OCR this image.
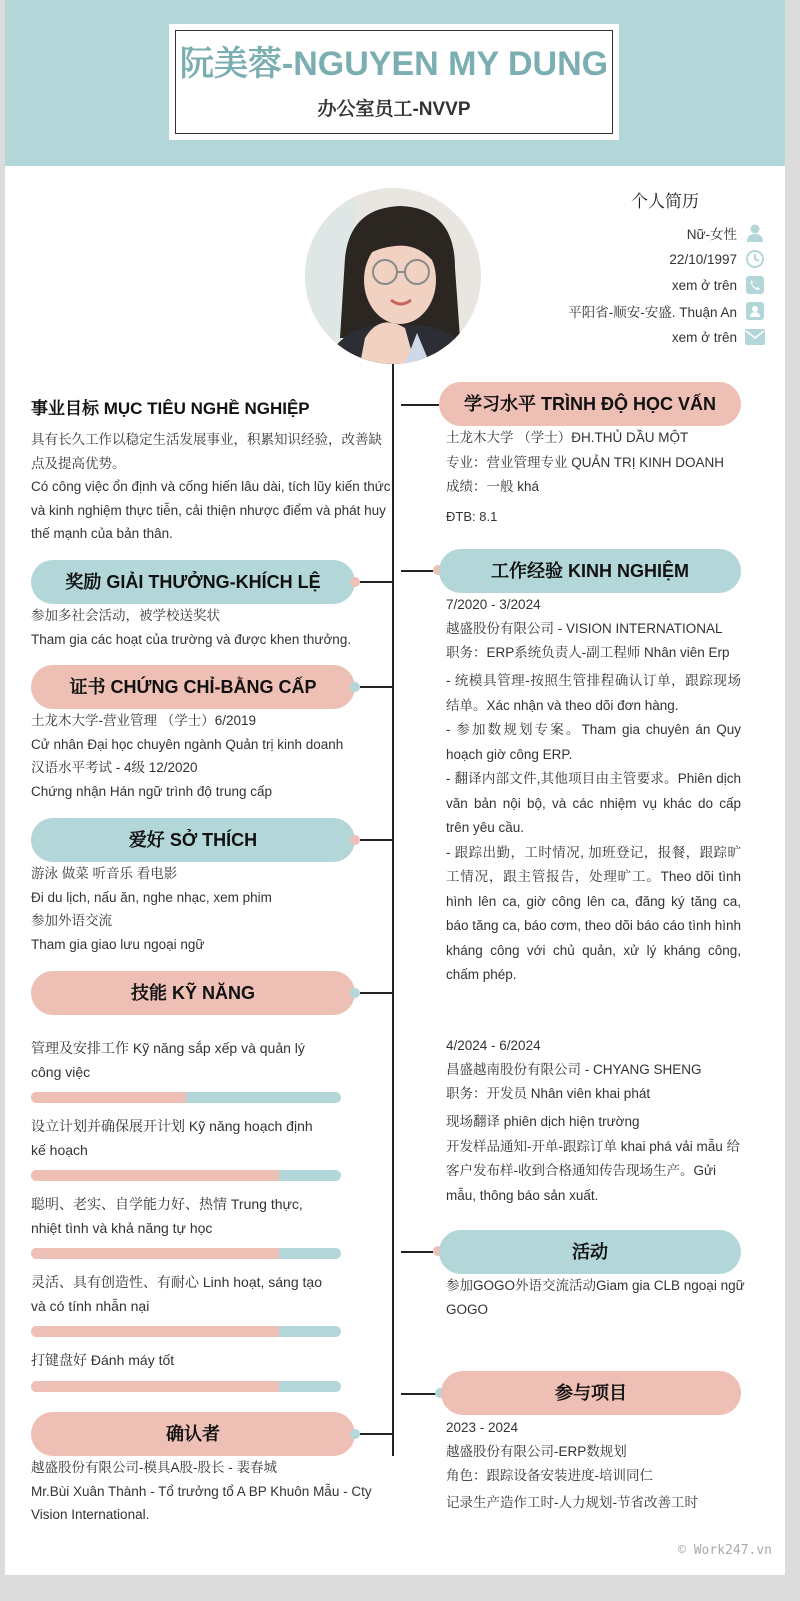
阮美蓉-NGUYEN MY DUNG
办公室员工-NVVP
个人简历
Nữ-女性
22/10/1997
xem ở trên
平阳省-顺安-安盛. Thuận An
xem ở trên
事业目标 MỤC TIÊU NGHỀ NGHIỆP

具有长久工作以稳定生活发展事业，积累知识经验，改善缺点及提高优势。

Có công việc ổn định và cống hiến lâu dài, tích lũy kiến thức và kinh nghiệm thực tiễn, cải thiện nhược điểm và phát huy thế mạnh của bản thân.

奖励 GIẢI THƯỞNG-KHÍCH LỆ

参加多社会活动，被学校送奖状

Tham gia các hoạt của trường và được khen thưởng.

证书 CHỨNG CHỈ-BẰNG CẤP

土龙木大学-营业管理 （学士）6/2019

Cử nhân Đại học chuyên ngành Quản trị kinh doanh

汉语水平考试 - 4级 12/2020

Chứng nhận Hán ngữ trình độ trung cấp

爱好 SỞ THÍCH

游泳 做菜 听音乐 看电影

Đi du lịch, nấu ăn, nghe nhạc, xem phim

参加外语交流

Tham gia giao lưu ngoại ngữ

技能 KỸ NĂNG
管理及安排工作 Kỹ năng sắp xếp và quản lý công việc
设立计划并确保展开计划 Kỹ năng hoạch định kế hoạch
聪明、老实、自学能力好、热情 Trung thực, nhiệt tình và khả năng tự học
灵活、具有创造性、有耐心 Linh hoạt, sáng tạo và có tính nhẫn nại
打键盘好 Đánh máy tốt
确认者

越盛股份有限公司-模具A股-股长 - 裴春城

Mr.Bùi Xuân Thành - Tổ trưởng tổ A BP Khuôn Mẫu - Cty Vision International.

学习水平 TRÌNH ĐỘ HỌC VẤN

土龙木大学 （学士）ĐH.THỦ DẦU MỘT

专业：营业管理专业 QUẢN TRỊ KINH DOANH

成绩：一般 khá

ĐTB: 8.1

工作经验 KINH NGHIỆM

7/2020 - 3/2024

越盛股份有限公司 - VISION INTERNATIONAL

职务：ERP系统负责人-副工程师 Nhân viên Erp

- 统模具管理-按照生管排程确认订单，跟踪现场结单。Xác nhận và theo dõi đơn hàng.

- 参加数规划专案。Tham gia chuyên án Quy hoạch giờ công ERP.

- 翻译内部文件,其他项目由主管要求。Phiên dịch văn bản nội bộ, và các nhiệm vụ khác do cấp trên yêu cầu.

- 跟踪出勤，工时情况, 加班登记，报餐，跟踪旷工情况，跟主管报告，处理旷工。Theo dõi tình hình lên ca, giờ công lên ca, đăng ký tăng ca, báo tăng ca, báo cơm, theo dõi báo cáo tình hình kháng công với chủ quản, xử lý kháng công, chấm phép.

4/2024 - 6/2024

昌盛越南股份有限公司 - CHYANG SHENG

职务：开发员 Nhân viên khai phát

现场翻译 phiên dịch hiện trường

开发样品通知-开单-跟踪订单 khai phá vải mẫu 给客户发布样-收到合格通知传告现场生产。Gửi mẫu, thông báo sản xuất.

活动

参加GOGO外语交流活动Giam gia CLB ngoại ngữ GOGO

参与项目

2023 - 2024

越盛股份有限公司-ERP数规划

角色：跟踪设备安装进度-培训同仁

记录生产造作工时-人力规划-节省改善工时

© Work247.vn
